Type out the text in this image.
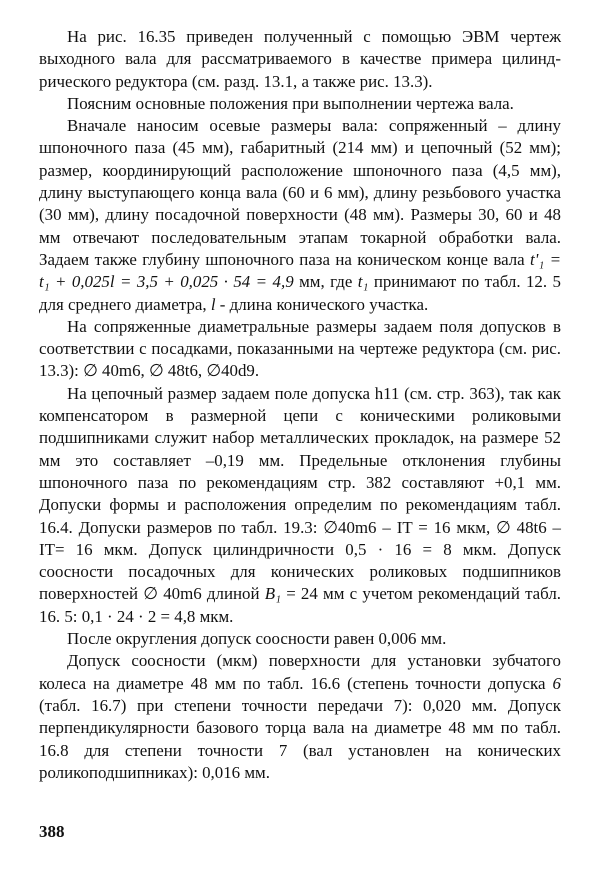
На рис. 16.35 приведен полученный с помощью ЭВМ чертеж выходного вала для рассматриваемого в качестве примера цилиндрического редуктора (см. разд. 13.1, а также рис. 13.3).

Поясним основные положения при выполнении чертежа вала.

Вначале наносим осевые размеры вала: сопряженный – длину шпоночного паза (45 мм), габаритный (214 мм) и цепочный (52 мм); размер, координирующий расположение шпоночного паза (4,5 мм), длину выступающего конца вала (60 и 6 мм), длину резьбового участка (30 мм), длину посадочной поверхности (48 мм). Размеры 30, 60 и 48 мм отвечают последовательным этапам токарной обработки вала. Задаем также глубину шпоночного паза на коническом конце вала t'₁ = t₁ + 0,025l = 3,5 + 0,025 · 54 = 4,9 мм, где t₁ принимают по табл. 12. 5 для среднего диаметра, l - длина конического участка.

На сопряженные диаметральные размеры задаем поля допусков в соответствии с посадками, показанными на чертеже редуктора (см. рис. 13.3): ∅ 40m6, ∅ 48t6, ∅40d9.

На цепочный размер задаем поле допуска h11 (см. стр. 363), так как компенсатором в размерной цепи с коническими роликовыми подшипниками служит набор металлических прокладок, на размере 52 мм это составляет –0,19 мм. Предельные отклонения глубины шпоночного паза по рекомендациям стр. 382 составляют +0,1 мм. Допуски формы и расположения определим по рекомендациям табл. 16.4. Допуски размеров по табл. 19.3: ∅40m6 – IT = 16 мкм, ∅ 48t6 – IT= 16 мкм. Допуск цилиндричности 0,5 · 16 = 8 мкм. Допуск соосности посадочных для конических роликовых подшипников поверхностей ∅ 40m6 длиной B₁ = 24 мм с учетом рекомендаций табл. 16. 5: 0,1 · 24 · 2 = 4,8 мкм.

После округления допуск соосности равен 0,006 мм.

Допуск соосности (мкм) поверхности для установки зубчатого колеса на диаметре 48 мм по табл. 16.6 (степень точности допуска 6 (табл. 16.7) при степени точности передачи 7): 0,020 мм. Допуск перпендикулярности базового торца вала на диаметре 48 мм по табл. 16.8 для степени точности 7 (вал установлен на конических роликоподшипниках): 0,016 мм.

388
